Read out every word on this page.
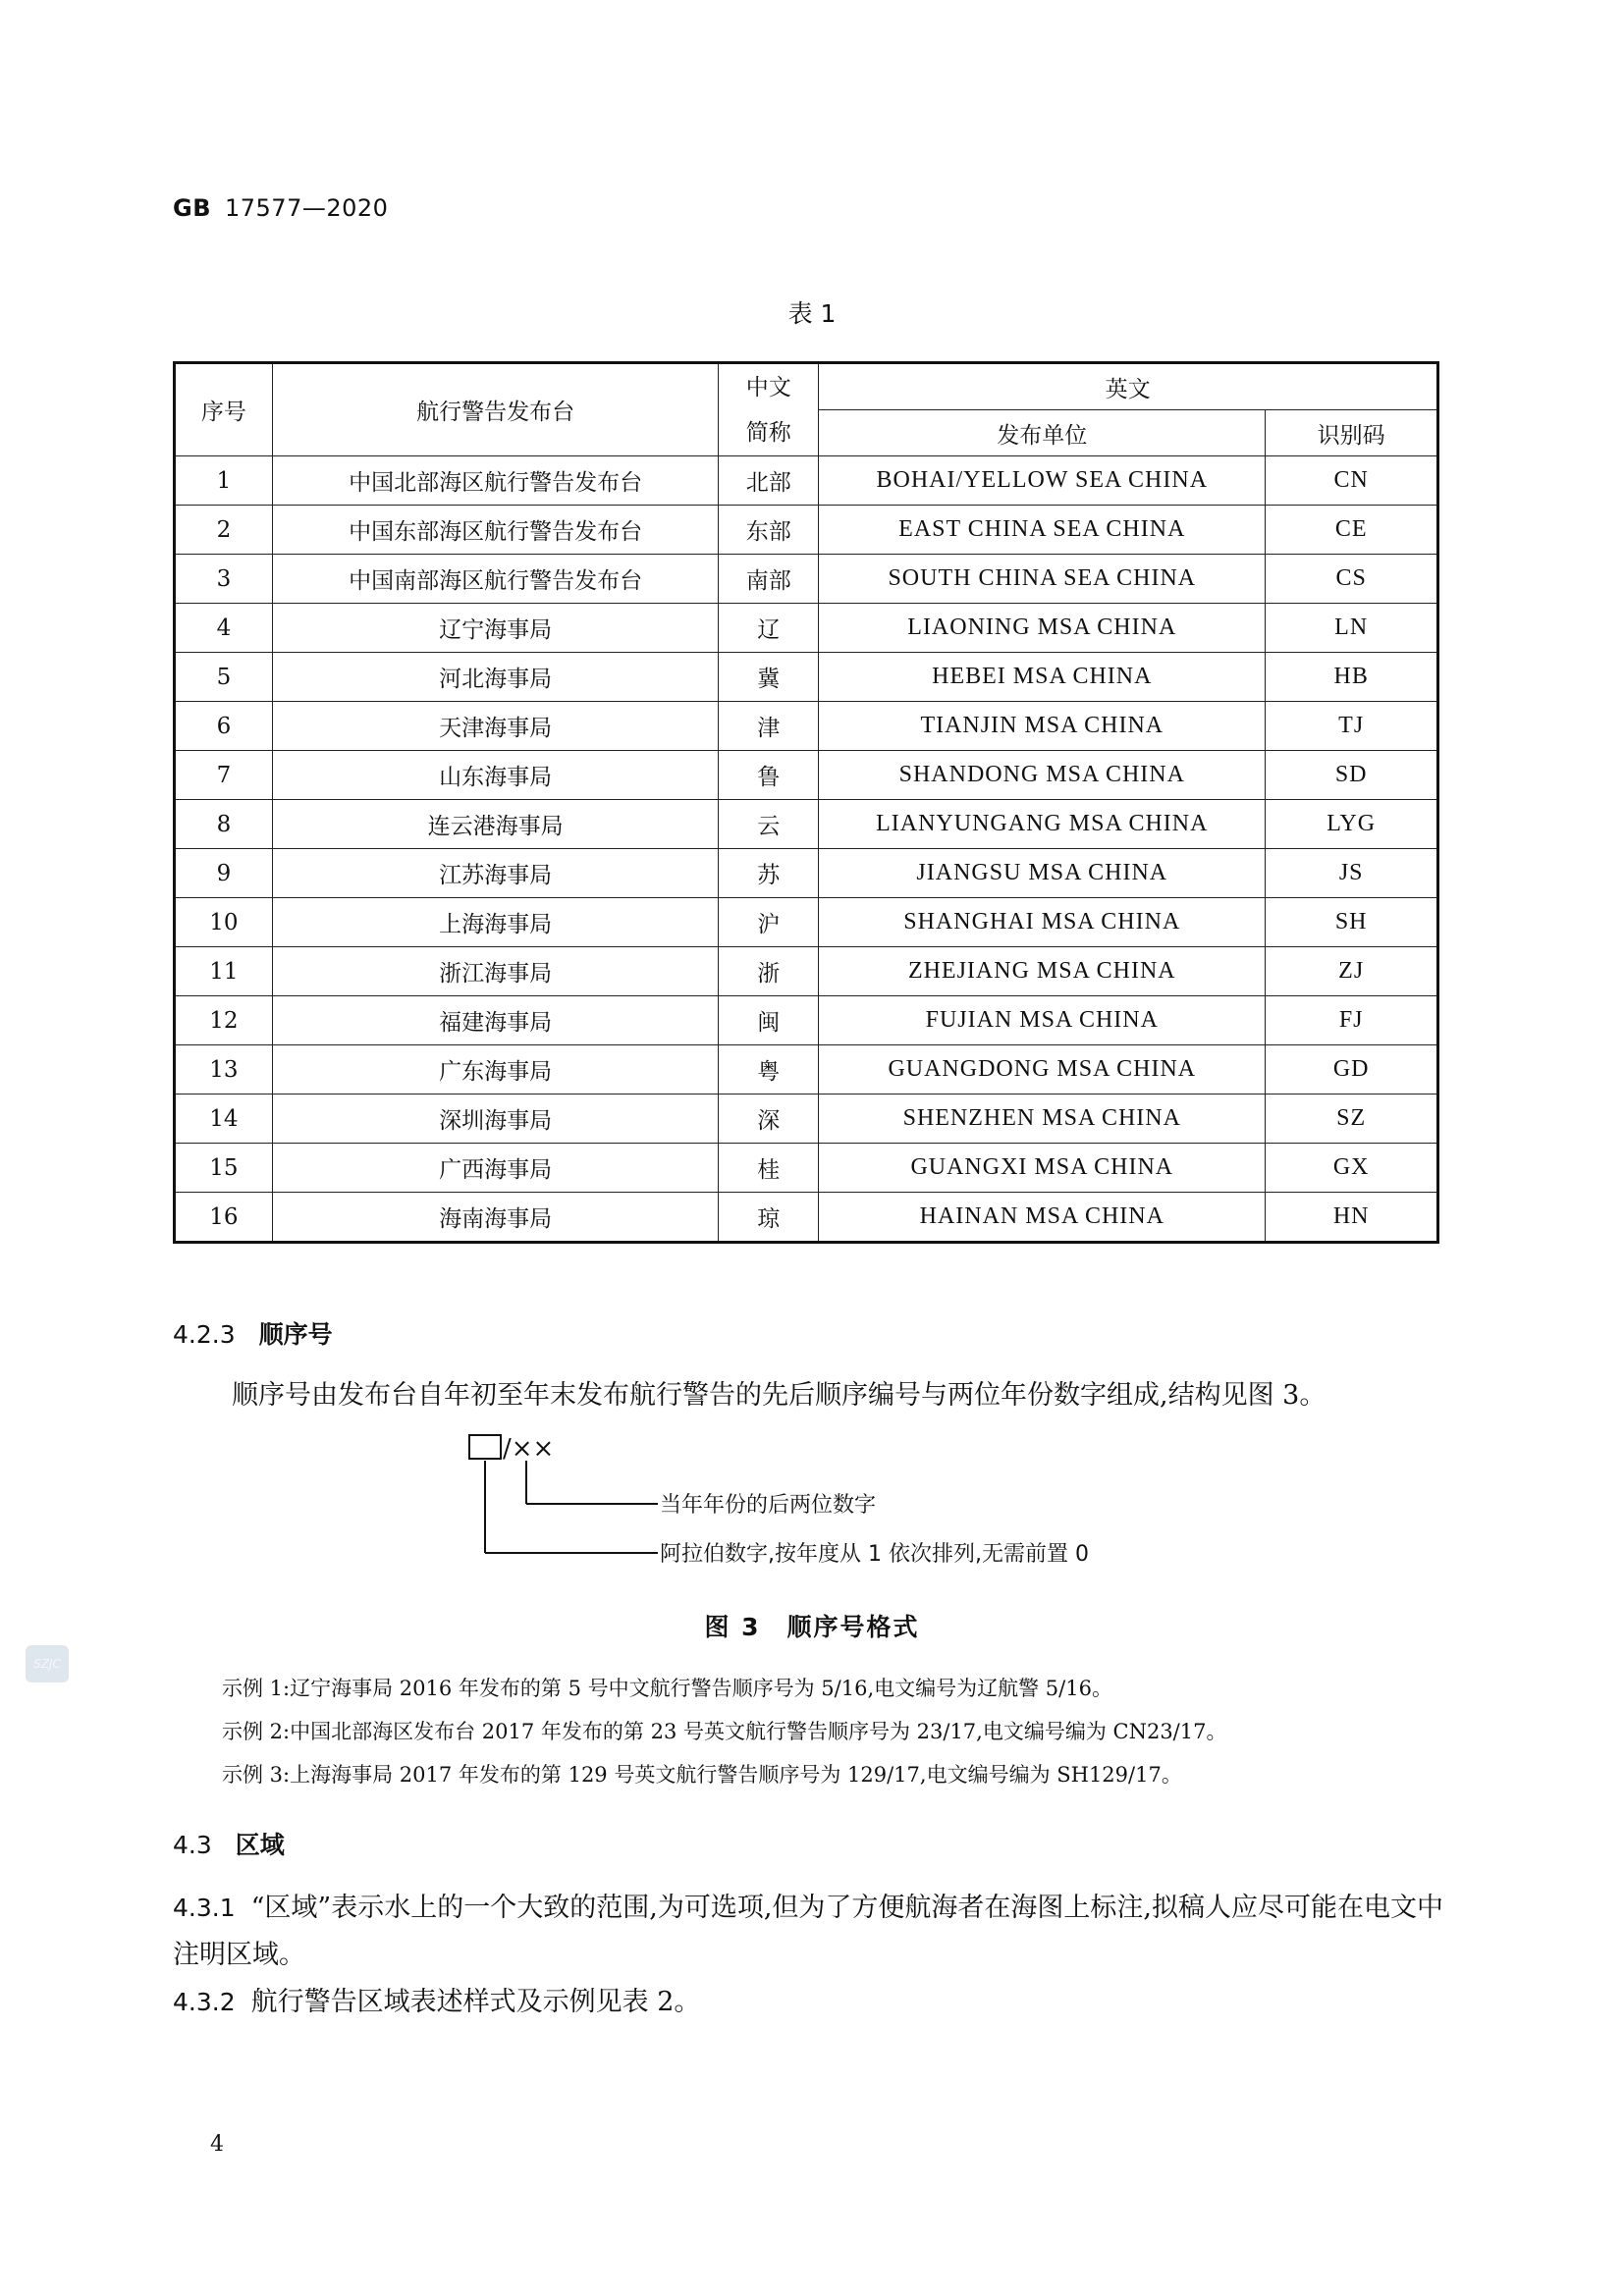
GB 17577—2020
表 1
序号	航行警告发布台	中文简称	英文	
			发布单位	识别码
1	中国北部海区航行警告发布台	北部	BOHAI/YELLOW SEA CHINA	CN
2	中国东部海区航行警告发布台	东部	EAST CHINA SEA CHINA	CE
3	中国南部海区航行警告发布台	南部	SOUTH CHINA SEA CHINA	CS
4	辽宁海事局	辽	LIAONING MSA CHINA	LN
5	河北海事局	冀	HEBEI MSA CHINA	HB
6	天津海事局	津	TIANJIN MSA CHINA	TJ
7	山东海事局	鲁	SHANDONG MSA CHINA	SD
8	连云港海事局	云	LIANYUNGANG MSA CHINA	LYG
9	江苏海事局	苏	JIANGSU MSA CHINA	JS
10	上海海事局	沪	SHANGHAI MSA CHINA	SH
11	浙江海事局	浙	ZHEJIANG MSA CHINA	ZJ
12	福建海事局	闽	FUJIAN MSA CHINA	FJ
13	广东海事局	粤	GUANGDONG MSA CHINA	GD
14	深圳海事局	深	SHENZHEN MSA CHINA	SZ
15	广西海事局	桂	GUANGXI MSA CHINA	GX
16	海南海事局	琼	HAINAN MSA CHINA	HN
4.2.3 顺序号
顺序号由发布台自年初至年末发布航行警告的先后顺序编号与两位年份数字组成,结构见图 3。
/××
当年年份的后两位数字
阿拉伯数字,按年度从 1 依次排列,无需前置 0
图 3　顺序号格式
示例 1:辽宁海事局 2016 年发布的第 5 号中文航行警告顺序号为 5/16,电文编号为辽航警 5/16。
示例 2:中国北部海区发布台 2017 年发布的第 23 号英文航行警告顺序号为 23/17,电文编号编为 CN23/17。
示例 3:上海海事局 2017 年发布的第 129 号英文航行警告顺序号为 129/17,电文编号编为 SH129/17。
4.3 区域
4.3.1 “区域”表示水上的一个大致的范围,为可选项,但为了方便航海者在海图上标注,拟稿人应尽可能在电文中注明区域。
4.3.2 航行警告区域表述样式及示例见表 2。
SZJC
4
